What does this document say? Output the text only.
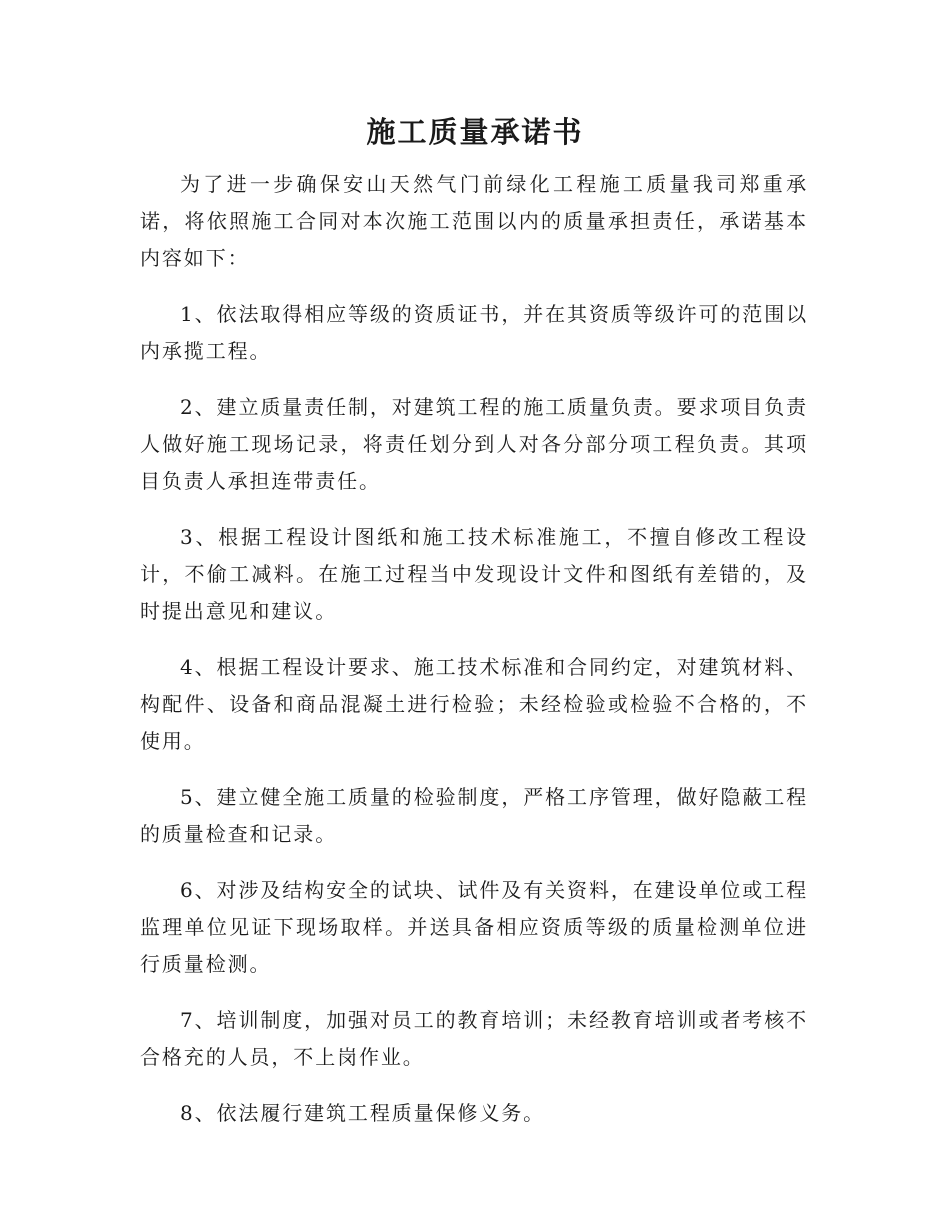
施工质量承诺书

为了进一步确保安山天然气门前绿化工程施工质量我司郑重承诺，将依照施工合同对本次施工范围以内的质量承担责任，承诺基本内容如下：

1、依法取得相应等级的资质证书，并在其资质等级许可的范围以内承揽工程。

2、建立质量责任制，对建筑工程的施工质量负责。要求项目负责人做好施工现场记录，将责任划分到人对各分部分项工程负责。其项目负责人承担连带责任。

3、根据工程设计图纸和施工技术标准施工，不擅自修改工程设计，不偷工减料。在施工过程当中发现设计文件和图纸有差错的，及时提出意见和建议。

4、根据工程设计要求、施工技术标准和合同约定，对建筑材料、构配件、设备和商品混凝土进行检验；未经检验或检验不合格的，不使用。

5、建立健全施工质量的检验制度，严格工序管理，做好隐蔽工程的质量检查和记录。

6、对涉及结构安全的试块、试件及有关资料，在建设单位或工程监理单位见证下现场取样。并送具备相应资质等级的质量检测单位进行质量检测。

7、培训制度，加强对员工的教育培训；未经教育培训或者考核不合格充的人员，不上岗作业。

8、依法履行建筑工程质量保修义务。
